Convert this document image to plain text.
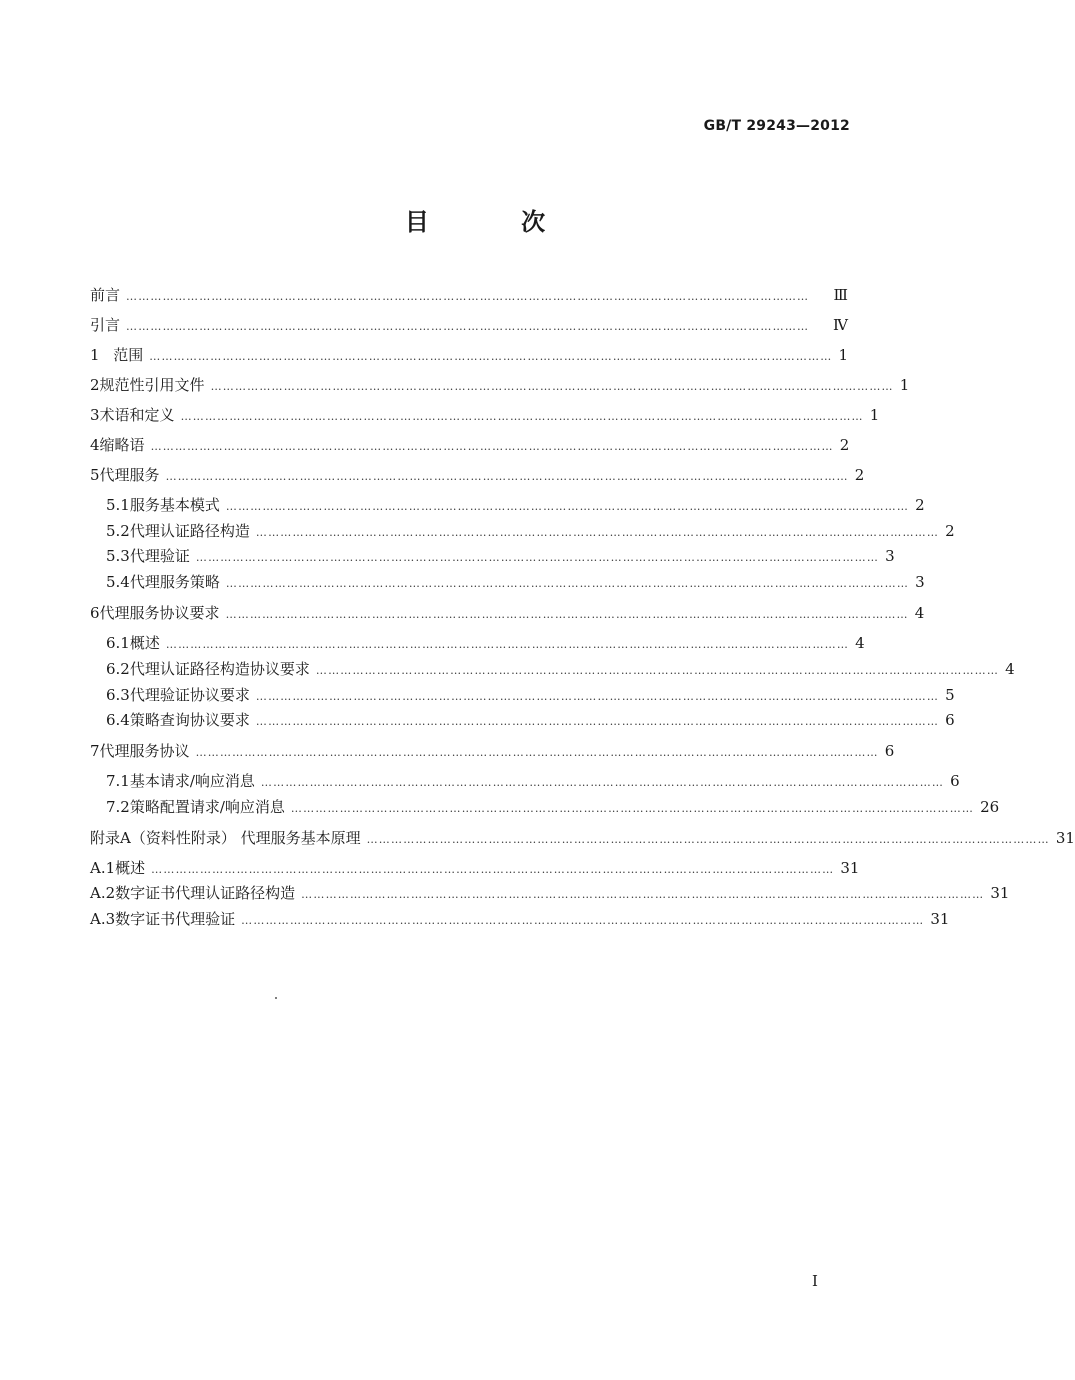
GB/T 29243—2012
目 次
前言 ……………………………………………………………………………………………………………………………………………………	Ⅲ
引言 ……………………………………………………………………………………………………………………………………………………	Ⅳ
1 范围 …………………………………………………………………………………………………………………………………………………… 1
2 规范性引用文件 …………………………………………………………………………………………………………………………………………………… 1
3 术语和定义 …………………………………………………………………………………………………………………………………………………… 1
4 缩略语 …………………………………………………………………………………………………………………………………………………… 2
5 代理服务 …………………………………………………………………………………………………………………………………………………… 2
5.1 服务基本模式 …………………………………………………………………………………………………………………………………………………… 2
5.2 代理认证路径构造 …………………………………………………………………………………………………………………………………………………… 2
5.3 代理验证 …………………………………………………………………………………………………………………………………………………… 3
5.4 代理服务策略 …………………………………………………………………………………………………………………………………………………… 3
6 代理服务协议要求 …………………………………………………………………………………………………………………………………………………… 4
6.1 概述 …………………………………………………………………………………………………………………………………………………… 4
6.2 代理认证路径构造协议要求 …………………………………………………………………………………………………………………………………………………… 4
6.3 代理验证协议要求 …………………………………………………………………………………………………………………………………………………… 5
6.4 策略查询协议要求 …………………………………………………………………………………………………………………………………………………… 6
7 代理服务协议 …………………………………………………………………………………………………………………………………………………… 6
7.1 基本请求/响应消息 …………………………………………………………………………………………………………………………………………………… 6
7.2 策略配置请求/响应消息 …………………………………………………………………………………………………………………………………………………… 26
附录A（资料性附录） 代理服务基本原理 …………………………………………………………………………………………………………………………………………………… 31
A.1 概述 …………………………………………………………………………………………………………………………………………………… 31
A.2 数字证书代理认证路径构造 …………………………………………………………………………………………………………………………………………………… 31
A.3 数字证书代理验证 …………………………………………………………………………………………………………………………………………………… 31
I
